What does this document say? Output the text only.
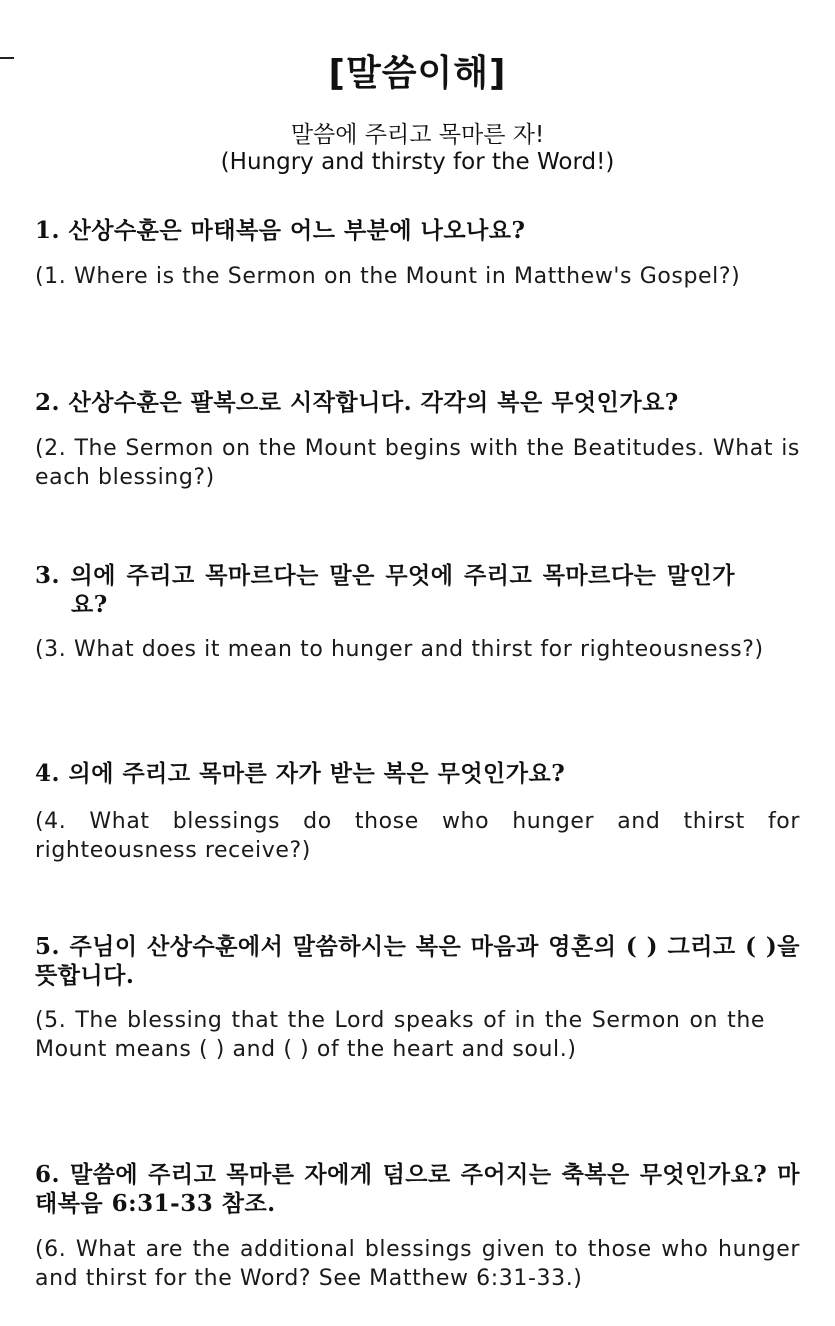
[말씀이해]
말씀에 주리고 목마른 자!
(Hungry and thirsty for the Word!)
1. 산상수훈은 마태복음 어느 부분에 나오나요?
(1. Where is the Sermon on the Mount in Matthew's Gospel?)
2. 산상수훈은 팔복으로 시작합니다. 각각의 복은 무엇인가요?
(2. The Sermon on the Mount begins with the Beatitudes. What is each blessing?)
3. 의에 주리고 목마르다는 말은 무엇에 주리고 목마르다는 말인가요?
(3. What does it mean to hunger and thirst for righteousness?)
4. 의에 주리고 목마른 자가 받는 복은 무엇인가요?
(4. What blessings do those who hunger and thirst for righteousness receive?)
5. 주님이 산상수훈에서 말씀하시는 복은 마음과 영혼의 ( ) 그리고 ( )을 뜻합니다.
(5. The blessing that the Lord speaks of in the Sermon on the Mount means ( ) and ( ) of the heart and soul.)
6. 말씀에 주리고 목마른 자에게 덤으로 주어지는 축복은 무엇인가요? 마태복음 6:31-33 참조.
(6. What are the additional blessings given to those who hunger and thirst for the Word? See Matthew 6:31-33.)
